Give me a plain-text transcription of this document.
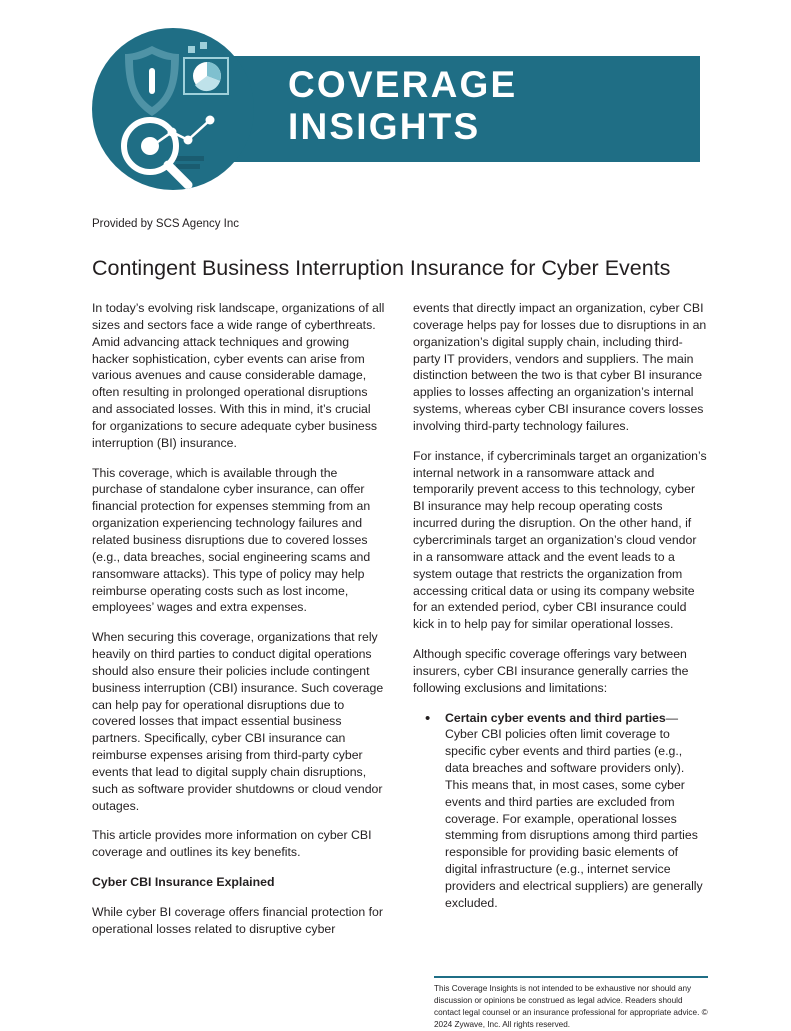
COVERAGE
INSIGHTS
Provided by SCS Agency Inc
Contingent Business Interruption Insurance for Cyber Events

In today’s evolving risk landscape, organizations of all sizes and sectors face a wide range of cyberthreats. Amid advancing attack techniques and growing hacker sophistication, cyber events can arise from various avenues and cause considerable damage, often resulting in prolonged operational disruptions and associated losses. With this in mind, it’s crucial for organizations to secure adequate cyber business interruption (BI) insurance.

This coverage, which is available through the purchase of standalone cyber insurance, can offer financial protection for expenses stemming from an organization experiencing technology failures and related business disruptions due to covered losses (e.g., data breaches, social engineering scams and ransomware attacks). This type of policy may help reimburse operating costs such as lost income, employees’ wages and extra expenses.

When securing this coverage, organizations that rely heavily on third parties to conduct digital operations should also ensure their policies include contingent business interruption (CBI) insurance. Such coverage can help pay for operational disruptions due to covered losses that impact essential business partners. Specifically, cyber CBI insurance can reimburse expenses arising from third-party cyber events that lead to digital supply chain disruptions, such as software provider shutdowns or cloud vendor outages.

This article provides more information on cyber CBI coverage and outlines its key benefits.

Cyber CBI Insurance Explained

While cyber BI coverage offers financial protection for operational losses related to disruptive cyber

events that directly impact an organization, cyber CBI coverage helps pay for losses due to disruptions in an organization’s digital supply chain, including third-party IT providers, vendors and suppliers. The main distinction between the two is that cyber BI insurance applies to losses affecting an organization’s internal systems, whereas cyber CBI insurance covers losses involving third-party technology failures.

For instance, if cybercriminals target an organization’s internal network in a ransomware attack and temporarily prevent access to this technology, cyber BI insurance may help recoup operating costs incurred during the disruption. On the other hand, if cybercriminals target an organization’s cloud vendor in a ransomware attack and the event leads to a system outage that restricts the organization from accessing critical data or using its company website for an extended period, cyber CBI insurance could kick in to help pay for similar operational losses.

Although specific coverage offerings vary between insurers, cyber CBI insurance generally carries the following exclusions and limitations:

• Certain cyber events and third parties—Cyber CBI policies often limit coverage to specific cyber events and third parties (e.g., data breaches and software providers only). This means that, in most cases, some cyber events and third parties are excluded from coverage. For example, operational losses stemming from disruptions among third parties responsible for providing basic elements of digital infrastructure (e.g., internet service providers and electrical suppliers) are generally excluded.
This Coverage Insights is not intended to be exhaustive nor should any discussion or opinions be construed as legal advice. Readers should contact legal counsel or an insurance professional for appropriate advice. © 2024 Zywave, Inc. All rights reserved.
